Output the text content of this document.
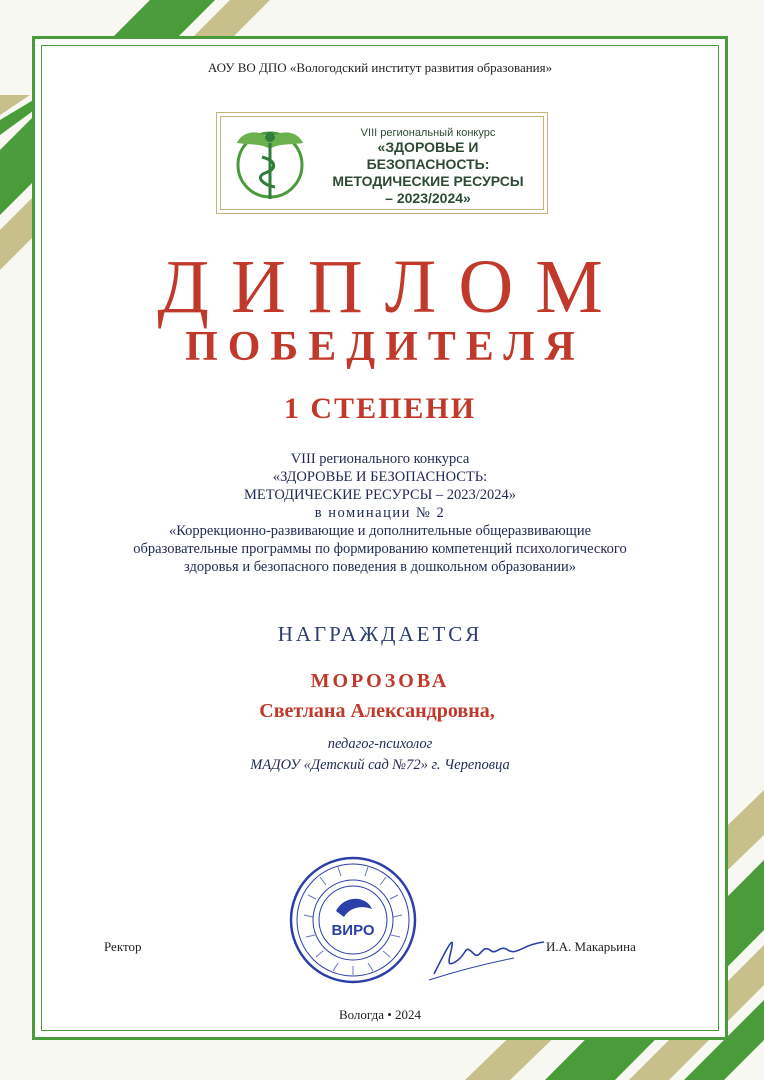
АОУ ВО ДПО «Вологодский институт развития образования»
VIII региональный конкурс
«ЗДОРОВЬЕ И БЕЗОПАСНОСТЬ:
МЕТОДИЧЕСКИЕ РЕСУРСЫ
– 2023/2024»
ДИПЛОМ
ПОБЕДИТЕЛЯ
1 СТЕПЕНИ
VIII регионального конкурса
«ЗДОРОВЬЕ И БЕЗОПАСНОСТЬ:
МЕТОДИЧЕСКИЕ РЕСУРСЫ – 2023/2024»
в номинации № 2
«Коррекционно-развивающие и дополнительные общеразвивающие
образовательные программы по формированию компетенций психологического
здоровья и безопасного поведения в дошкольном образовании»
НАГРАЖДАЕТСЯ
МОРОЗОВА
Светлана Александровна,
педагог-психолог
МАДОУ «Детский сад №72» г. Череповца
ВИРО
Ректор	И.А. Макарьина
Вологда • 2024
